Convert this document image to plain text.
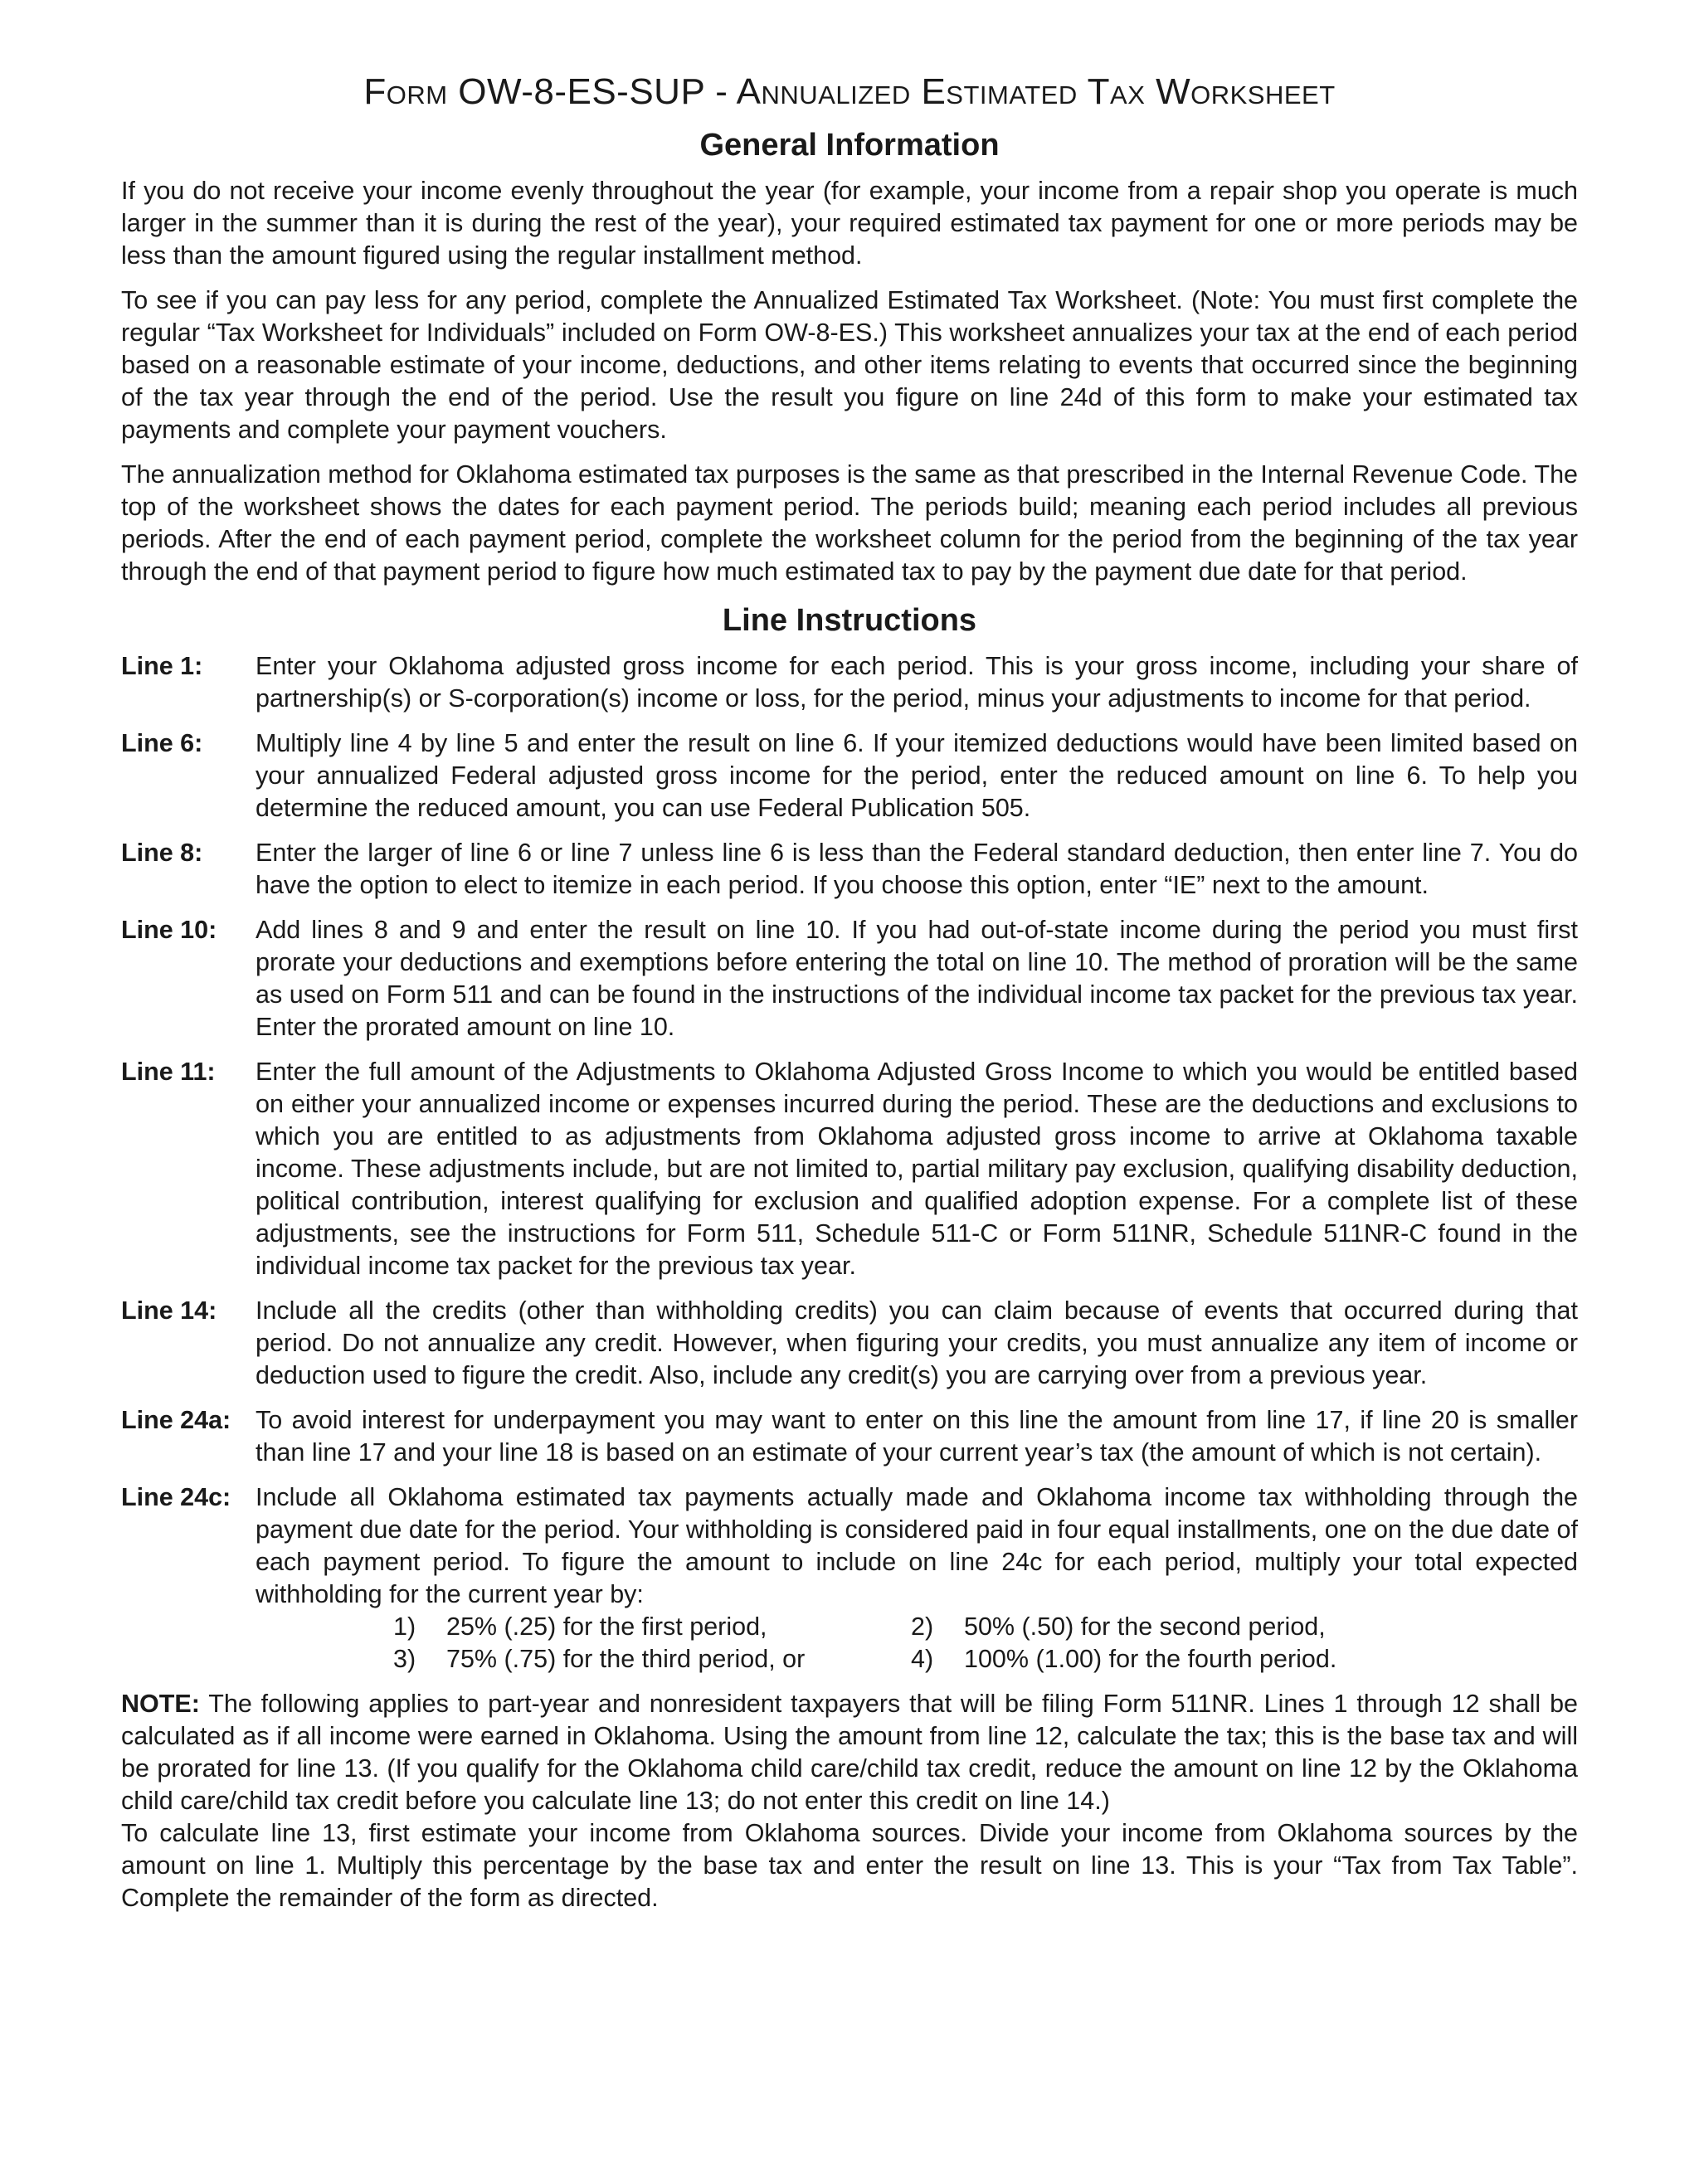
Form OW-8-ES-SUP - Annualized Estimated Tax Worksheet
General Information

If you do not receive your income evenly throughout the year (for example, your income from a repair shop you operate is much larger in the summer than it is during the rest of the year), your required estimated tax payment for one or more periods may be less than the amount figured using the regular installment method.

To see if you can pay less for any period, complete the Annualized Estimated Tax Worksheet. (Note: You must first complete the regular “Tax Worksheet for Individuals” included on Form OW-8-ES.) This worksheet annualizes your tax at the end of each period based on a reasonable estimate of your income, deductions, and other items relating to events that occurred since the beginning of the tax year through the end of the period. Use the result you figure on line 24d of this form to make your estimated tax payments and complete your payment vouchers.

The annualization method for Oklahoma estimated tax purposes is the same as that prescribed in the Internal Revenue Code. The top of the worksheet shows the dates for each payment period. The periods build; meaning each period includes all previous periods. After the end of each payment period, complete the worksheet column for the period from the beginning of the tax year through the end of that payment period to figure how much estimated tax to pay by the payment due date for that period.

Line Instructions
Line 1:	Enter your Oklahoma adjusted gross income for each period. This is your gross income, including your share of partnership(s) or S-corporation(s) income or loss, for the period, minus your adjustments to income for that period.
Line 6:	Multiply line 4 by line 5 and enter the result on line 6. If your itemized deductions would have been limited based on your annualized Federal adjusted gross income for the period, enter the reduced amount on line 6. To help you determine the reduced amount, you can use Federal Publication 505.
Line 8:	Enter the larger of line 6 or line 7 unless line 6 is less than the Federal standard deduction, then enter line 7. You do have the option to elect to itemize in each period. If you choose this option, enter “IE” next to the amount.
Line 10:	Add lines 8 and 9 and enter the result on line 10. If you had out-of-state income during the period you must first prorate your deductions and exemptions before entering the total on line 10. The method of proration will be the same as used on Form 511 and can be found in the instructions of the individual income tax packet for the previous tax year. Enter the prorated amount on line 10.
Line 11:	Enter the full amount of the Adjustments to Oklahoma Adjusted Gross Income to which you would be entitled based on either your annualized income or expenses incurred during the period. These are the deductions and exclusions to which you are entitled to as adjustments from Oklahoma adjusted gross income to arrive at Oklahoma taxable income. These adjustments include, but are not limited to, partial military pay exclusion, qualifying disability deduction, political contribution, interest qualifying for exclusion and qualified adoption expense. For a complete list of these adjustments, see the instructions for Form 511, Schedule 511-C or Form 511NR, Schedule 511NR-C found in the individual income tax packet for the previous tax year.
Line 14:	Include all the credits (other than withholding credits) you can claim because of events that occurred during that period. Do not annualize any credit. However, when figuring your credits, you must annualize any item of income or deduction used to figure the credit. Also, include any credit(s) you are carrying over from a previous year.
Line 24a: To avoid interest for underpayment you may want to enter on this line the amount from line 17, if line 20 is smaller than line 17 and your line 18 is based on an estimate of your current year’s tax (the amount of which is not certain).
Line 24c: Include all Oklahoma estimated tax payments actually made and Oklahoma income tax withholding through the payment due date for the period. Your withholding is considered paid in four equal installments, one on the due date of each payment period. To figure the amount to include on line 24c for each period, multiply your total expected withholding for the current year by:
1)	25% (.25) for the first period,	2)	50% (.50) for the second period,
3)	75% (.75) for the third period, or	4)	100% (1.00) for the fourth period.

NOTE: The following applies to part-year and nonresident taxpayers that will be filing Form 511NR. Lines 1 through 12 shall be calculated as if all income were earned in Oklahoma. Using the amount from line 12, calculate the tax; this is the base tax and will be prorated for line 13. (If you qualify for the Oklahoma child care/child tax credit, reduce the amount on line 12 by the Oklahoma child care/child tax credit before you calculate line 13; do not enter this credit on line 14.)

To calculate line 13, first estimate your income from Oklahoma sources. Divide your income from Oklahoma sources by the amount on line 1. Multiply this percentage by the base tax and enter the result on line 13. This is your “Tax from Tax Table”. Complete the remainder of the form as directed.
